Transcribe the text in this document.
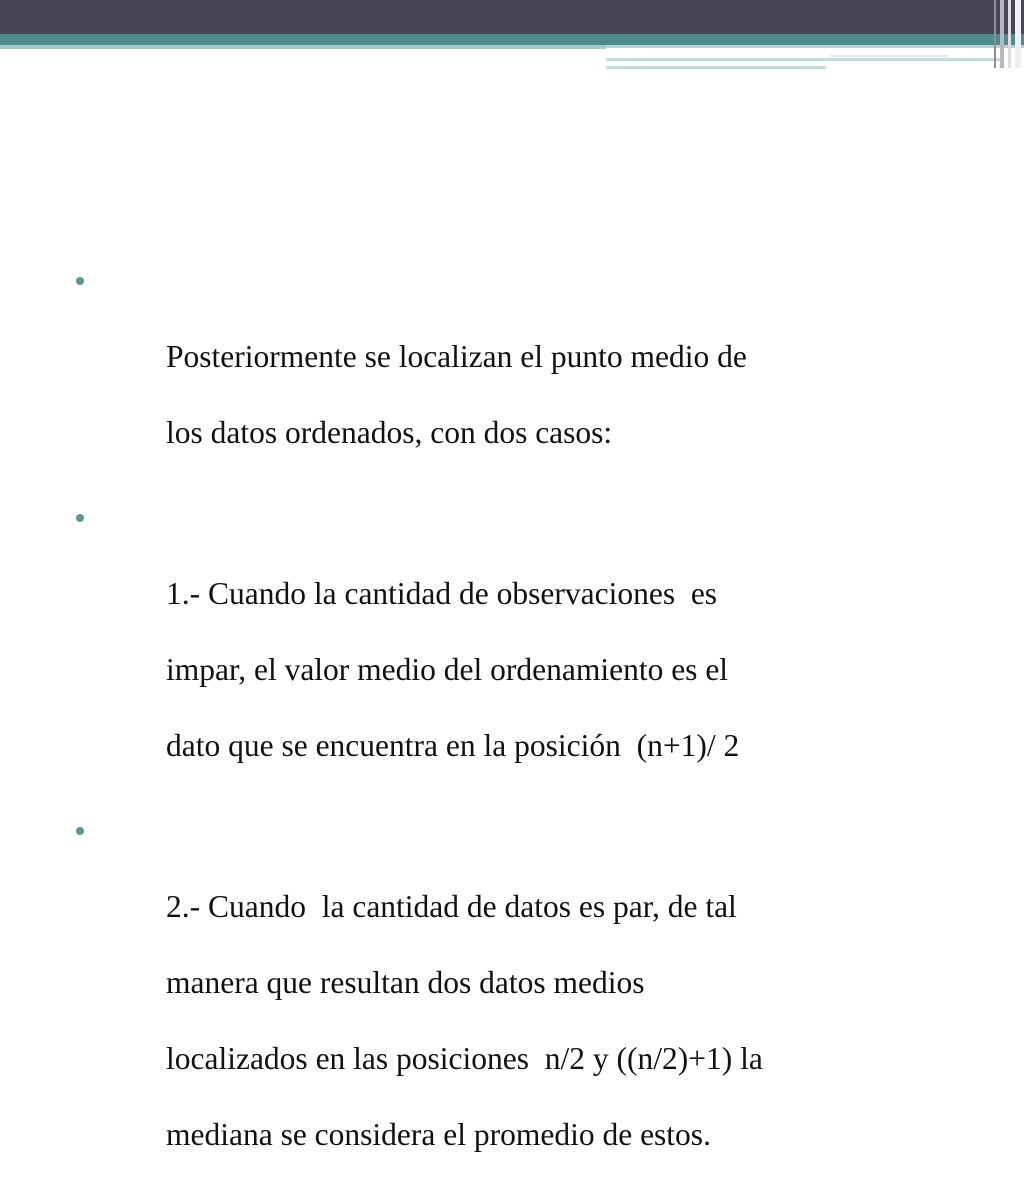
Posteriormente se localizan el punto medio de

los datos ordenados, con dos casos:

1.- Cuando la cantidad de observaciones  es

impar, el valor medio del ordenamiento es el

dato que se encuentra en la posición  (n+1)/ 2

2.- Cuando  la cantidad de datos es par, de tal

manera que resultan dos datos medios

localizados en las posiciones  n/2 y ((n/2)+1) la

mediana se considera el promedio de estos.
